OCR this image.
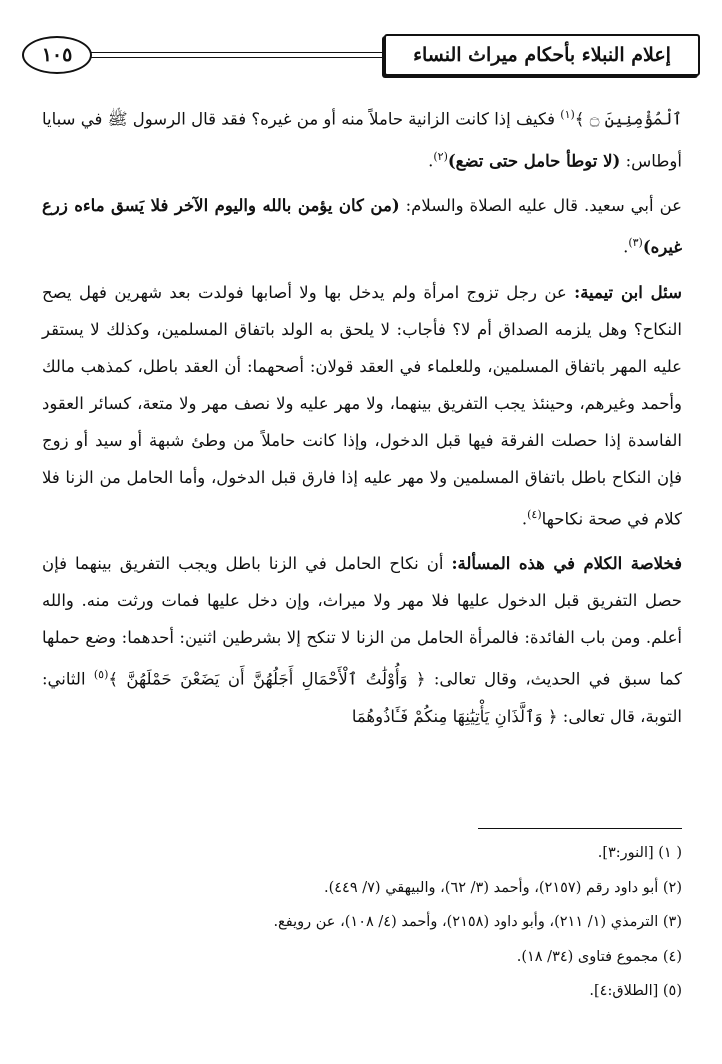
إعلام النبلاء بأحكام ميراث النساء
١٠٥

ٱلْمُؤْمِنِينَ ۝ ﴾$^{(١)}$ فكيف إذا كانت الزانية حاملاً منه أو من غيره؟ فقد قال الرسول ﷺ في سبايا أوطاس: (لا توطأ حامل حتى تضع)$^{(٢)}$.

عن أبي سعيد. قال عليه الصلاة والسلام: (من كان يؤمن بالله واليوم الآخر فلا يَسق ماءه زرع غيره)$^{(٣)}$.

سئل ابن تيمية: عن رجل تزوج امرأة ولم يدخل بها ولا أصابها فولدت بعد شهرين فهل يصح النكاح؟ وهل يلزمه الصداق أم لا؟ فأجاب: لا يلحق به الولد باتفاق المسلمين، وكذلك لا يستقر عليه المهر باتفاق المسلمين، وللعلماء في العقد قولان: أصحهما: أن العقد باطل، كمذهب مالك وأحمد وغيرهم، وحينئذ يجب التفريق بينهما، ولا مهر عليه ولا نصف مهر ولا متعة، كسائر العقود الفاسدة إذا حصلت الفرقة فيها قبل الدخول، وإذا كانت حاملاً من وطئ شبهة أو سيد أو زوج فإن النكاح باطل باتفاق المسلمين ولا مهر عليه إذا فارق قبل الدخول، وأما الحامل من الزنا فلا كلام في صحة نكاحها$^{(٤)}$.

فخلاصة الكلام في هذه المسألة: أن نكاح الحامل في الزنا باطل ويجب التفريق بينهما فإن حصل التفريق قبل الدخول عليها فلا مهر ولا ميراث، وإن دخل عليها فمات ورثت منه. والله أعلم. ومن باب الفائدة: فالمرأة الحامل من الزنا لا تنكح إلا بشرطين اثنين: أحدهما: وضع حملها كما سبق في الحديث، وقال تعالى: ﴿ وَأُوْلَٰتُ ٱلْأَحْمَالِ أَجَلُهُنَّ أَن يَضَعْنَ حَمْلَهُنَّ ﴾$^{(٥)}$ الثاني: التوبة، قال تعالى: ﴿ وَٱلَّذَانِ يَأْتِيَٰنِهَا مِنكُمْ فَـَٔاذُوهُمَا

( ١) [النور:٣].
(٢) أبو داود رقم (٢١٥٧)، وأحمد (٣/ ٦٢)، والبيهقي (٧/ ٤٤٩).
(٣) الترمذي (١/ ٢١١)، وأبو داود (٢١٥٨)، وأحمد (٤/ ١٠٨)، عن رويفع.
(٤) مجموع فتاوى (٣٤/ ١٨).
(٥) [الطلاق:٤].
